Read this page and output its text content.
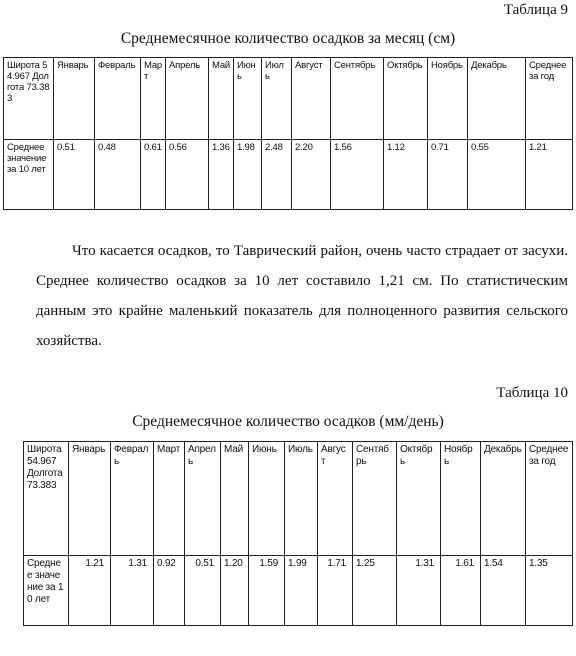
Таблица 9
Среднемесячное количество осадков за месяц (см)
Широта 54.967 Долгота 73.383	Январь	Февраль	Март	Апрель	Май	Июнь	Июль	Август	Сентябрь	Октябрь	Ноябрь	Декабрь	Среднее за год
Среднее значение за 10 лет	0.51	0.48	0.61	0.56	1.36	1.98	2.48	2.20	1.56	1.12	0.71	0.55	1.21

Что касается осадков, то Таврический район, очень часто страдает от засухи. Среднее количество осадков за 10 лет составило 1,21 см. По статистическим данным это крайне маленький показатель для полноценного развития сельского хозяйства.

Таблица 10
Среднемесячное количество осадков (мм/день)
Широта 54.967 Долгота 73.383	Январь	Февраль	Март	Апрель	Май	Июнь	Июль	Август	Сентябрь	Октябрь	Ноябрь	Декабрь	Среднее за год
Среднее значение за 10 лет	1.21	1.31	0.92	0.51	1.20	1.59	1.99	1.71	1.25	1.31	1.61	1.54	1.35
